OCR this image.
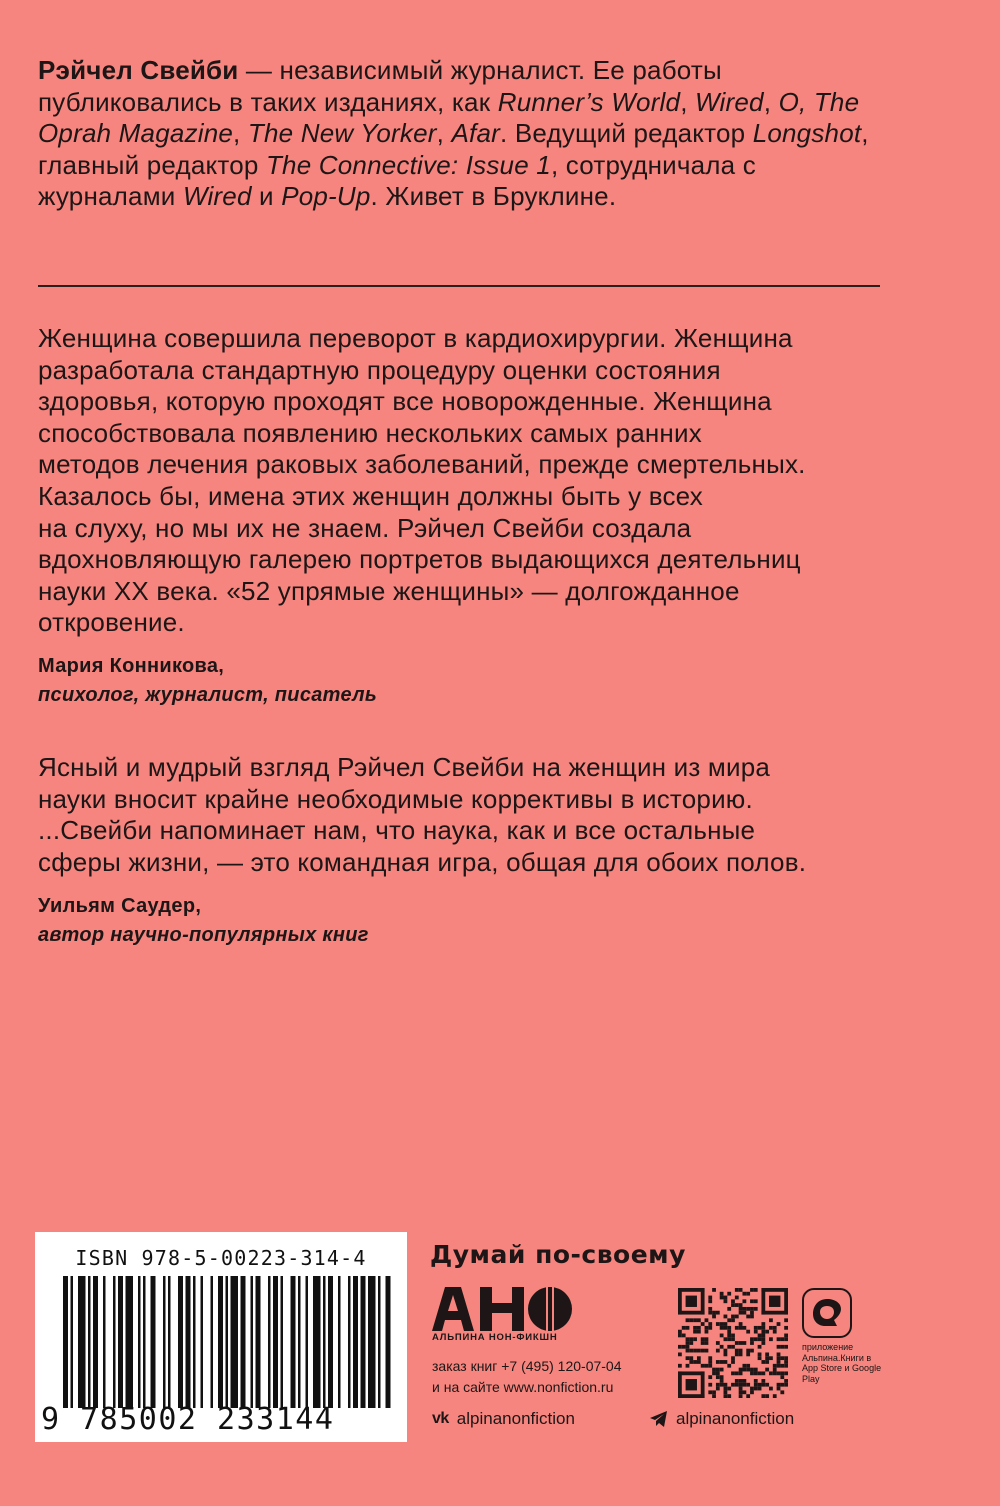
Рэйчел Свейби — независимый журналист. Ее работы публиковались в таких изданиях, как Runner’s World, Wired, O, The Oprah Magazine, The New Yorker, Afar. Ведущий редактор Longshot, главный редактор The Connective: Issue 1, сотрудничала с журналами Wired и Pop-Up. Живет в Бруклине.
Женщина совершила переворот в кардиохирургии. Женщина
разработала стандартную процедуру оценки состояния
здоровья, которую проходят все новорожденные. Женщина
способствовала появлению нескольких самых ранних
методов лечения раковых заболеваний, прежде смертельных.
Казалось бы, имена этих женщин должны быть у всех
на слуху, но мы их не знаем. Рэйчел Свейби создала
вдохновляющую галерею портретов выдающихся деятельниц
науки XX века. «52 упрямые женщины» — долгожданное
откровение.
Мария Конникова,
психолог, журналист, писатель
Ясный и мудрый взгляд Рэйчел Свейби на женщин из мира
науки вносит крайне необходимые коррективы в историю.
...Свейби напоминает нам, что наука, как и все остальные
сферы жизни, — это командная игра, общая для обоих полов.
Уильям Саудер,
автор научно-популярных книг
ISBN 978-5-00223-314-4
9 785002 233144
Думай по-своему
АЛЬПИНА НОН-ФИКШН
заказ книг +7 (495) 120-07-04
и на сайте www.nonfiction.ru
приложение Альпина.Книги в App Store и Google Play
vk alpinanonfiction	alpinanonfiction
